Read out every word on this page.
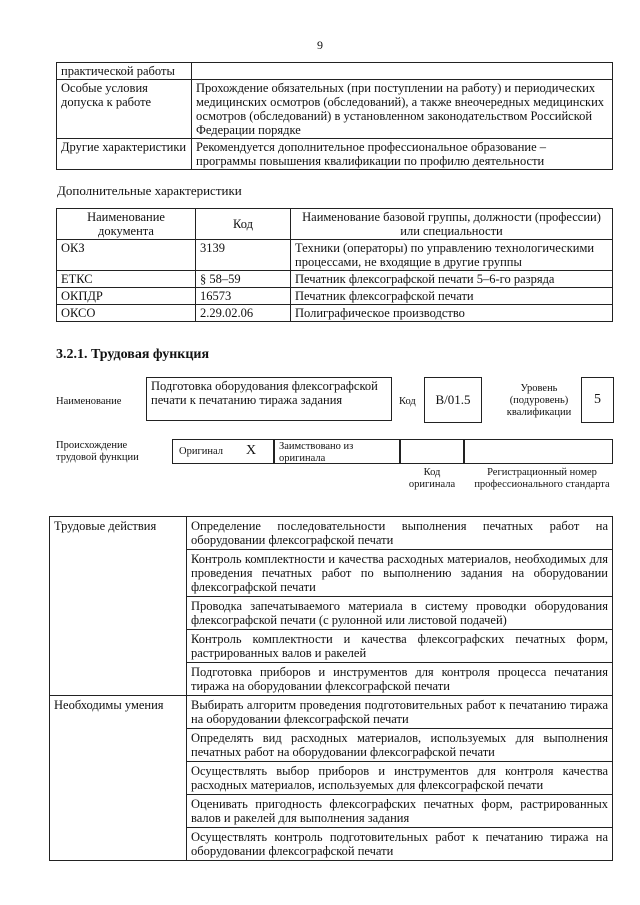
9
практической работы	
Особые условия допуска к работе	Прохождение обязательных (при поступлении на работу) и периодических медицинских осмотров (обследований), а также внеочередных медицинских осмотров (обследований) в установленном законодательством Российской Федерации порядке
Другие характеристики	Рекомендуется дополнительное профессиональное образование – программы повышения квалификации по профилю деятельности
Дополнительные характеристики
Наименование документа	Код	Наименование базовой группы, должности (профессии) или специальности
ОКЗ	3139	Техники (операторы) по управлению технологическими процессами, не входящие в другие группы
ЕТКС	§ 58–59	Печатник флексографской печати 5–6-го разряда
ОКПДР	16573	Печатник флексографской печати
ОКСО	2.29.02.06	Полиграфическое производство
3.2.1. Трудовая функция
Наименование
Подготовка оборудования флексографской печати к печатанию тиража задания	Код	B/01.5
Уровень (подуровень) квалификации
5
Происхождение трудовой функции
Оригинал	X	Заимствовано из оригинала
Код оригинала
Регистрационный номер профессионального стандарта
Трудовые действия	Определение последовательности выполнения печатных работ на оборудовании флексографской печати
	Контроль комплектности и качества расходных материалов, необходимых для проведения печатных работ по выполнению задания на оборудовании флексографской печати
	Проводка запечатываемого материала в систему проводки оборудования флексографской печати (с рулонной или листовой подачей)
	Контроль комплектности и качества флексографских печатных форм, растрированных валов и ракелей
	Подготовка приборов и инструментов для контроля процесса печатания тиража на оборудовании флексографской печати
Необходимы умения	Выбирать алгоритм проведения подготовительных работ к печатанию тиража на оборудовании флексографской печати
	Определять вид расходных материалов, используемых для выполнения печатных работ на оборудовании флексографской печати
	Осуществлять выбор приборов и инструментов для контроля качества расходных материалов, используемых для флексографской печати
	Оценивать пригодность флексографских печатных форм, растрированных валов и ракелей для выполнения задания
	Осуществлять контроль подготовительных работ к печатанию тиража на оборудовании флексографской печати
